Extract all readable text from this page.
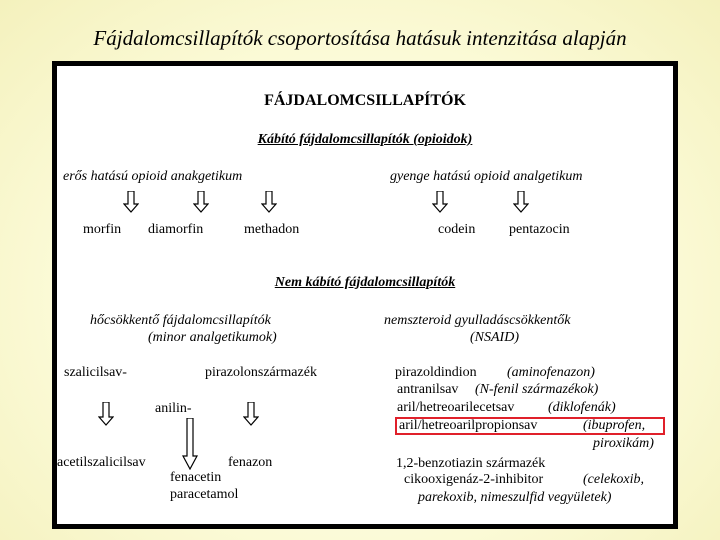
Fájdalomcsillapítók csoportosítása hatásuk intenzitása alapján
FÁJDALOMCSILLAPÍTÓK
Kábító fájdalomcsillapítók (opioidok)
erős hatású opioid anakgetikum	gyenge hatású opioid analgetikum
morfin diamorfin	methadon	codein pentazocin
Nem kábító fájdalomcsillapítók
hőcsökkentő fájdalomcsillapítók
(minor analgetikumok)
nemszteroid gyulladáscsökkentők
(NSAID)
szalicilsav-	pirazolonszármazék
anilin-
acetilszalicilsav	fenazon
fenacetin
paracetamol
pirazoldindion (aminofenazon)
antranilsav (N-fenil származékok)
aril/hetreoarilecetsav (diklofenák)
aril/hetreoarilpropionsav	(ibuprofen,
piroxikám)
1,2-benzotiazin származék
cikooxigenáz-2-inhibitor	(celekoxib,
parekoxib, nimeszulfid vegyületek)
